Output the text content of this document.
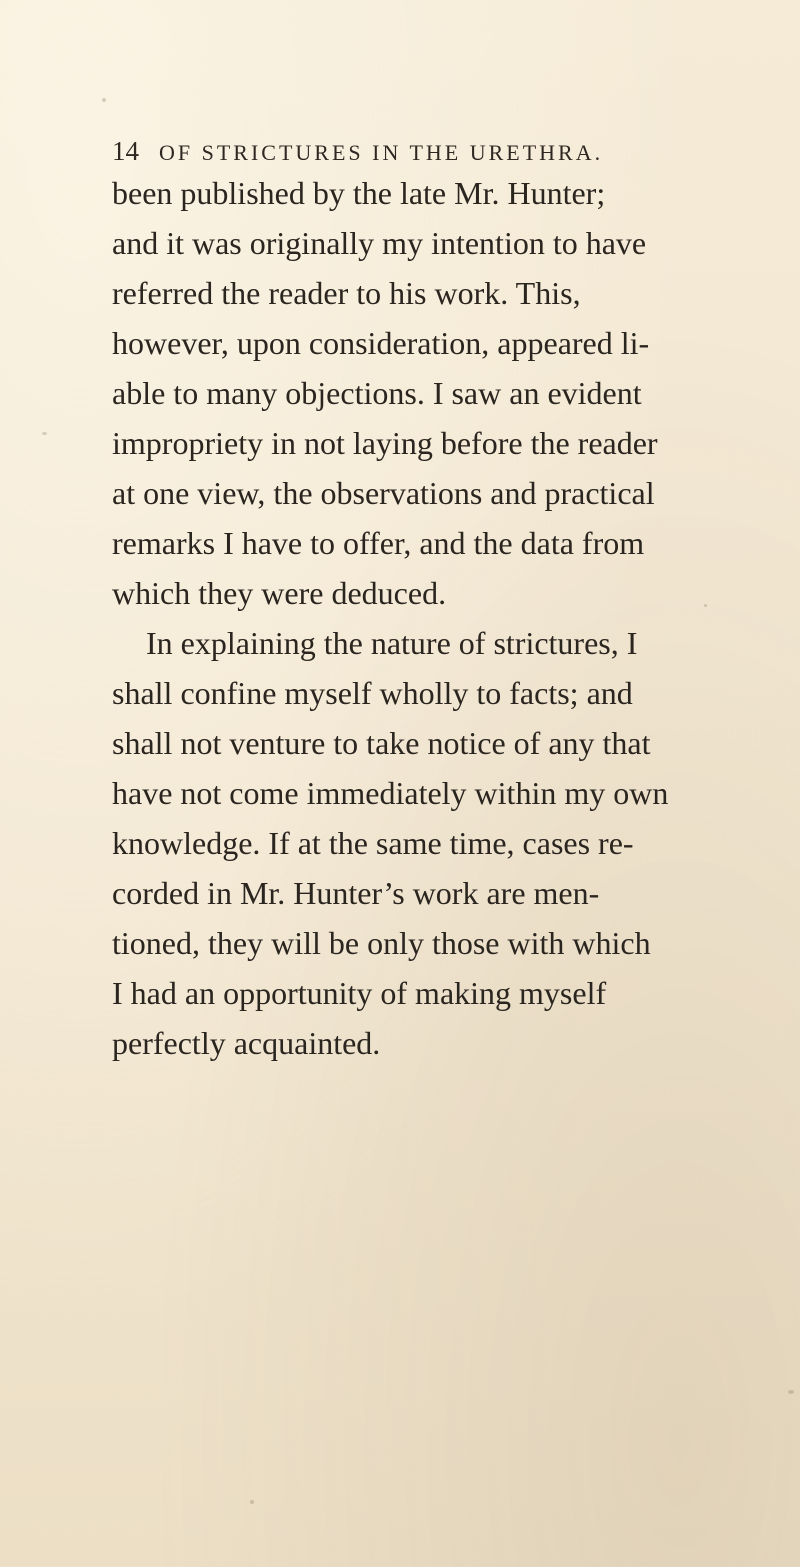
14 OF STRICTURES IN THE URETHRA.
been published by the late Mr. Hunter;
and it was originally my intention to have
referred the reader to his work. This,
however, upon consideration, appeared li-
able to many objections. I saw an evident
impropriety in not laying before the reader
at one view, the observations and practical
remarks I have to offer, and the data from
which they were deduced.
In explaining the nature of strictures, I
shall confine myself wholly to facts; and
shall not venture to take notice of any that
have not come immediately within my own
knowledge. If at the same time, cases re-
corded in Mr. Hunter’s work are men-
tioned, they will be only those with which
I had an opportunity of making myself
perfectly acquainted.
